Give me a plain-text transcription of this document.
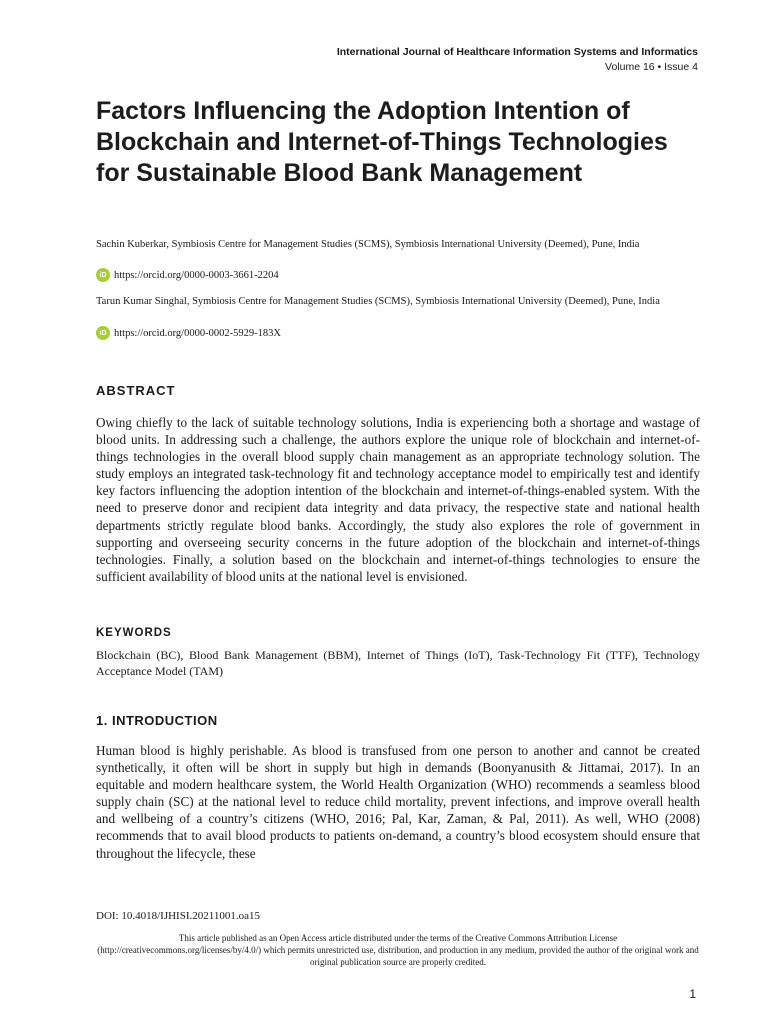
International Journal of Healthcare Information Systems and Informatics
Volume 16 • Issue 4
Factors Influencing the Adoption Intention of Blockchain and Internet-of-Things Technologies for Sustainable Blood Bank Management
Sachin Kuberkar, Symbiosis Centre for Management Studies (SCMS), Symbiosis International University (Deemed), Pune, India
iD https://orcid.org/0000-0003-3661-2204
Tarun Kumar Singhal, Symbiosis Centre for Management Studies (SCMS), Symbiosis International University (Deemed), Pune, India
iD https://orcid.org/0000-0002-5929-183X
ABSTRACT
Owing chiefly to the lack of suitable technology solutions, India is experiencing both a shortage and wastage of blood units. In addressing such a challenge, the authors explore the unique role of blockchain and internet-of-things technologies in the overall blood supply chain management as an appropriate technology solution. The study employs an integrated task-technology fit and technology acceptance model to empirically test and identify key factors influencing the adoption intention of the blockchain and internet-of-things-enabled system. With the need to preserve donor and recipient data integrity and data privacy, the respective state and national health departments strictly regulate blood banks. Accordingly, the study also explores the role of government in supporting and overseeing security concerns in the future adoption of the blockchain and internet-of-things technologies. Finally, a solution based on the blockchain and internet-of-things technologies to ensure the sufficient availability of blood units at the national level is envisioned.
KEYWORDS
Blockchain (BC), Blood Bank Management (BBM), Internet of Things (IoT), Task-Technology Fit (TTF), Technology Acceptance Model (TAM)
1. INTRODUCTION
Human blood is highly perishable. As blood is transfused from one person to another and cannot be created synthetically, it often will be short in supply but high in demands (Boonyanusith & Jittamai, 2017). In an equitable and modern healthcare system, the World Health Organization (WHO) recommends a seamless blood supply chain (SC) at the national level to reduce child mortality, prevent infections, and improve overall health and wellbeing of a country’s citizens (WHO, 2016; Pal, Kar, Zaman, & Pal, 2011). As well, WHO (2008) recommends that to avail blood products to patients on-demand, a country’s blood ecosystem should ensure that throughout the lifecycle, these
DOI: 10.4018/IJHISI.20211001.oa15
This article published as an Open Access article distributed under the terms of the Creative Commons Attribution License (http://creativecommons.org/licenses/by/4.0/) which permits unrestricted use, distribution, and production in any medium, provided the author of the original work and original publication source are properly credited.
1
